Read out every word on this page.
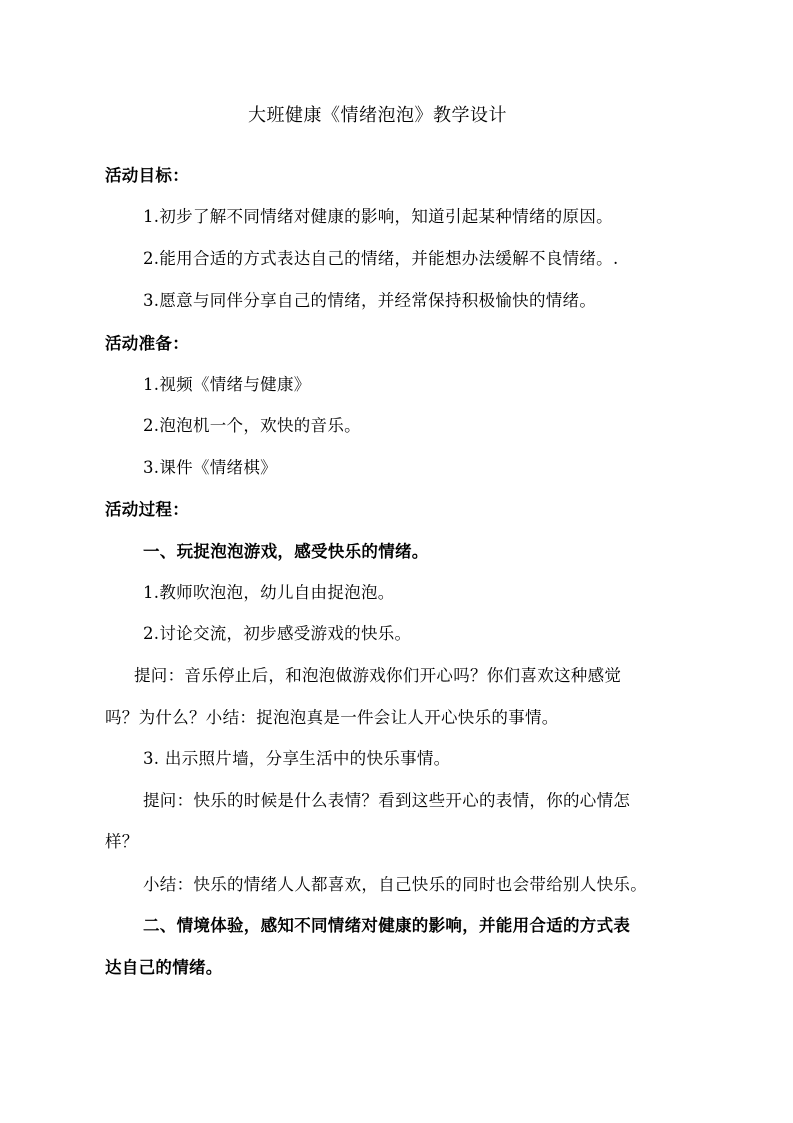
大班健康《情绪泡泡》教学设计
活动目标：
1.初步了解不同情绪对健康的影响，知道引起某种情绪的原因。
2.能用合适的方式表达自己的情绪，并能想办法缓解不良情绪。.
3.愿意与同伴分享自己的情绪，并经常保持积极愉快的情绪。
活动准备：
1.视频《情绪与健康》
2.泡泡机一个，欢快的音乐。
3.课件《情绪棋》
活动过程：
一、玩捉泡泡游戏，感受快乐的情绪。
1.教师吹泡泡，幼儿自由捉泡泡。
2.讨论交流，初步感受游戏的快乐。
提问：音乐停止后，和泡泡做游戏你们开心吗？你们喜欢这种感觉
吗？为什么？小结：捉泡泡真是一件会让人开心快乐的事情。
3. 出示照片墙，分享生活中的快乐事情。
提问：快乐的时候是什么表情？看到这些开心的表情，你的心情怎
样？
小结：快乐的情绪人人都喜欢，自己快乐的同时也会带给别人快乐。
二、情境体验，感知不同情绪对健康的影响，并能用合适的方式表
达自己的情绪。
